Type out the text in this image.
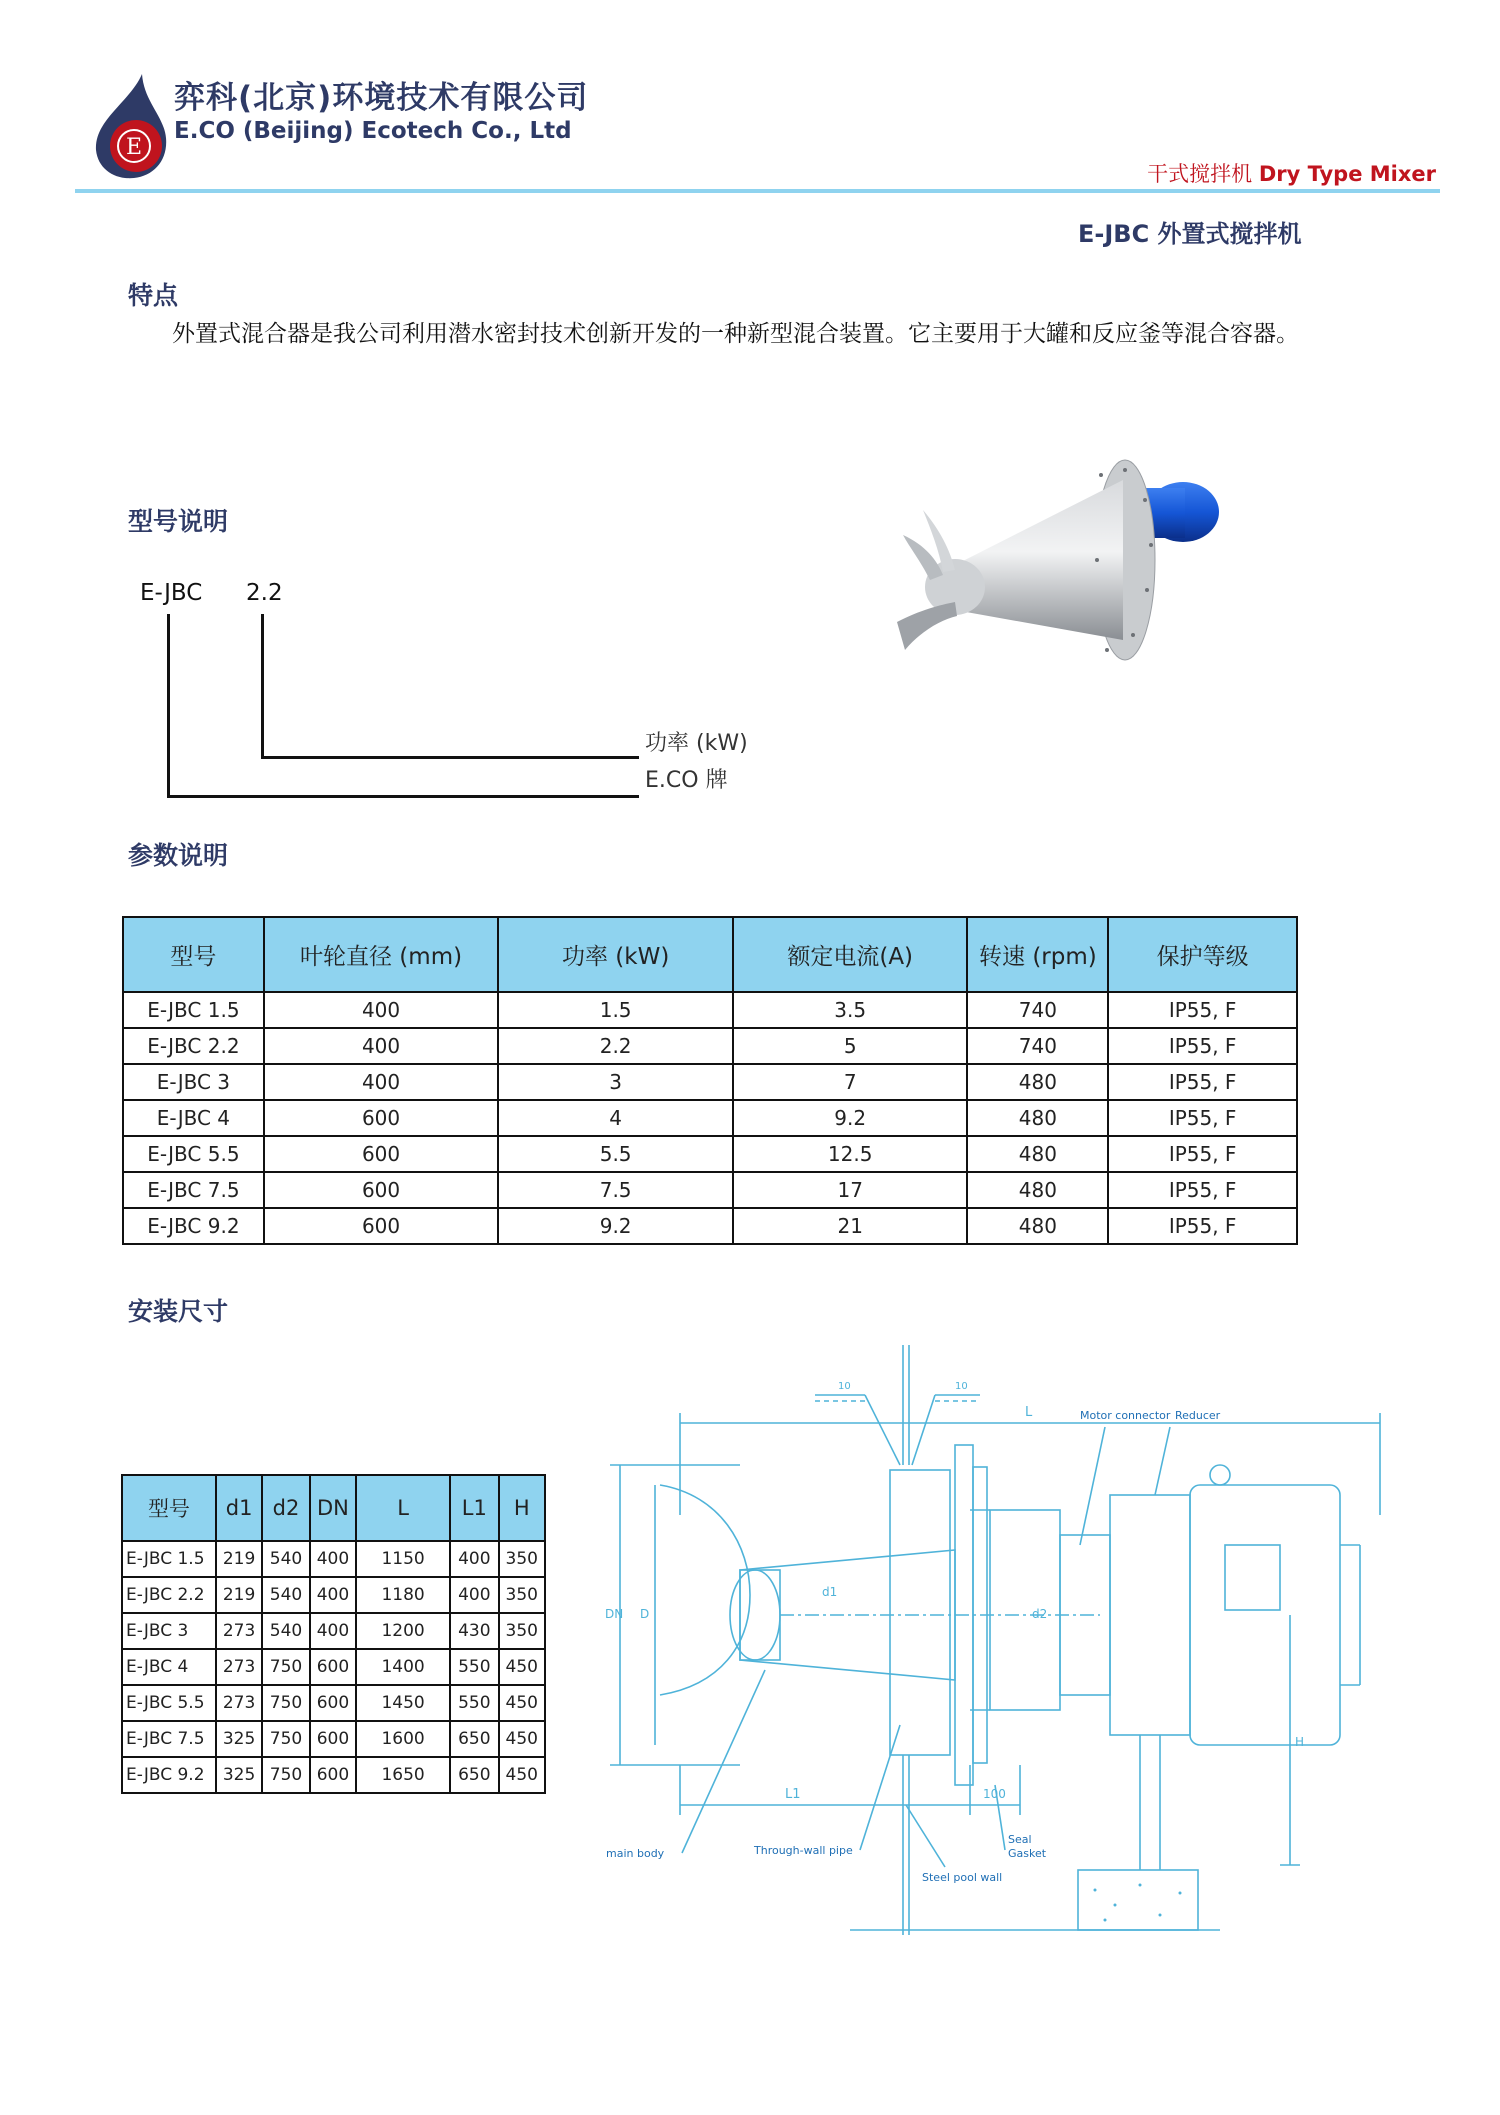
E
弈科(北京)环境技术有限公司
E.CO (Beijing) Ecotech Co., Ltd
干式搅拌机 Dry Type Mixer
E-JBC 外置式搅拌机
特点
外置式混合器是我公司利用潜水密封技术创新开发的一种新型混合装置。它主要用于大罐和反应釜等混合容器。
型号说明
E-JBC 2.2
功率 (kW)
E.CO 牌
参数说明
型号	叶轮直径 (mm)	功率 (kW)	额定电流(A)	转速 (rpm)	保护等级
E-JBC 1.5	400	1.5	3.5	740	IP55, F
E-JBC 2.2	400	2.2	5	740	IP55, F
E-JBC 3	400	3	7	480	IP55, F
E-JBC 4	600	4	9.2	480	IP55, F
E-JBC 5.5	600	5.5	12.5	480	IP55, F
E-JBC 7.5	600	7.5	17	480	IP55, F
E-JBC 9.2	600	9.2	21	480	IP55, F
安装尺寸
型号	d1	d2	DN	L	L1	H
E-JBC 1.5	219	540	400	1150	400	350
E-JBC 2.2	219	540	400	1180	400	350
E-JBC 3	273	540	400	1200	430	350
E-JBC 4	273	750	600	1400	550	450
E-JBC 5.5	273	750	600	1450	550	450
E-JBC 7.5	325	750	600	1600	650	450
E-JBC 9.2	325	750	600	1650	650	450
Motor connector Reducer
main body	Through-wall pipe
Steel pool wall
Seal
Gasket
L
L1	100
DN D
d1
d2
H
10	10
